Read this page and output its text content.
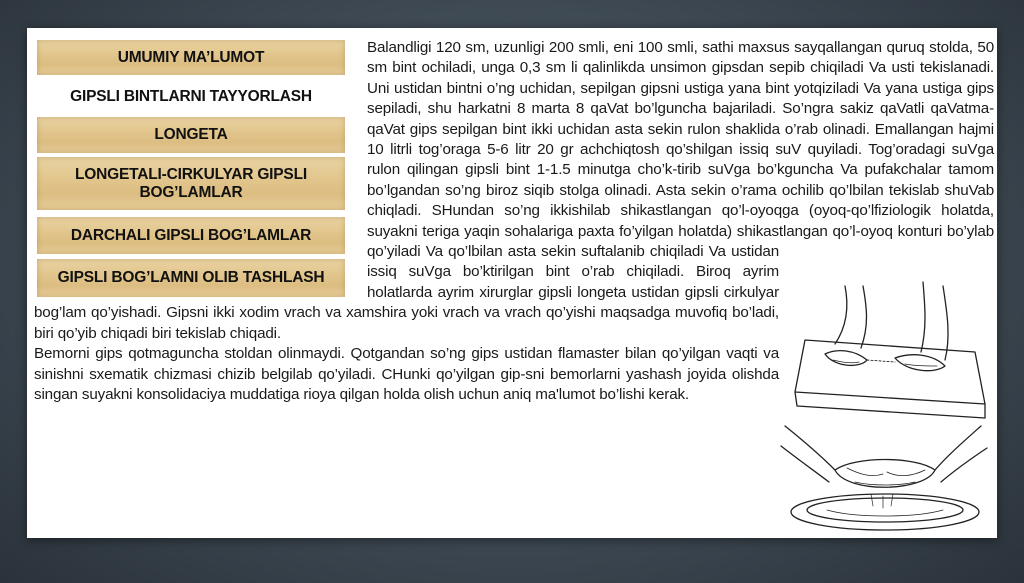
Balandligi 120 sm, uzunligi 200 smli, eni 100 smli, sathi maxsus sayqallangan quruq stolda, 50 sm bint ochiladi, unga 0,3 sm li qalinlikda unsimon gipsdan sepib chiqiladi Va usti tekislanadi. Uni ustidan bintni o’ng uchidan, sepilgan gipsni ustiga yana bint yotqiziladi Va yana ustiga gips sepiladi, shu harkatni 8 marta 8 qaVat bo’lguncha bajariladi. So’ngra sakiz qaVatli qaVatma-qaVat gips sepilgan bint ikki uchidan asta sekin rulon shaklida o’rab olinadi. Emallangan hajmi 10 litrli tog’oraga 5-6 litr 20 gr achchiqtosh qo’shilgan issiq suV quyiladi. Tog’oradagi suVga rulon qilingan gipsli bint 1-1.5 minutga cho’k-tirib suVga bo’kguncha Va pufakchalar tamom bo’lgandan so’ng biroz siqib stolga olinadi. Asta sekin o’rama ochilib qo’lbilan tekislab shuVab chiqladi. SHundan so’ng ikkishilab shikastlangan qo’l-oyoqga (oyoq-qo’lfiziologik holatda, suyakni teriga yaqin sohalariga paxta fo’yilgan holatda) shikastlangan qo’l-oyoq konturi bo’ylab qo’yiladi Va qo’lbilan asta sekin suftalanib chiqiladi Va ustidan issiq suVga bo’ktirilgan bint o’rab chiqiladi. Biroq ayrim holatlarda ayrim xirurglar gipsli longeta ustidan gipsli cirkulyar bog’lam qo’yishadi. Gipsni ikki xodim vrach va xamshira yoki vrach va vrach qo’yishi maqsadga muvofiq bo’ladi, biri qo’yib chiqadi biri tekislab chiqadi.

Bemorni gips qotmaguncha stoldan olinmaydi. Qotgandan so’ng gips ustidan flamaster bilan qo’yilgan vaqti va sinishni sxematik chizmasi chizib belgilab qo’yiladi. CHunki qo’yilgan gip-sni bemorlarni yashash joyida olishda singan suyakni konsolidaciya muddatiga rioya qilgan holda olish uchun aniq ma'lumot bo’lishi kerak.

UMUMIY MA’LUMOT
GIPSLI BINTLARNI TAYYORLASH
LONGETA
LONGETALI-CIRKULYAR GIPSLI BOG’LAMLAR
DARCHALI GIPSLI BOG’LAMLAR
GIPSLI BOG’LAMNI OLIB TASHLASH
